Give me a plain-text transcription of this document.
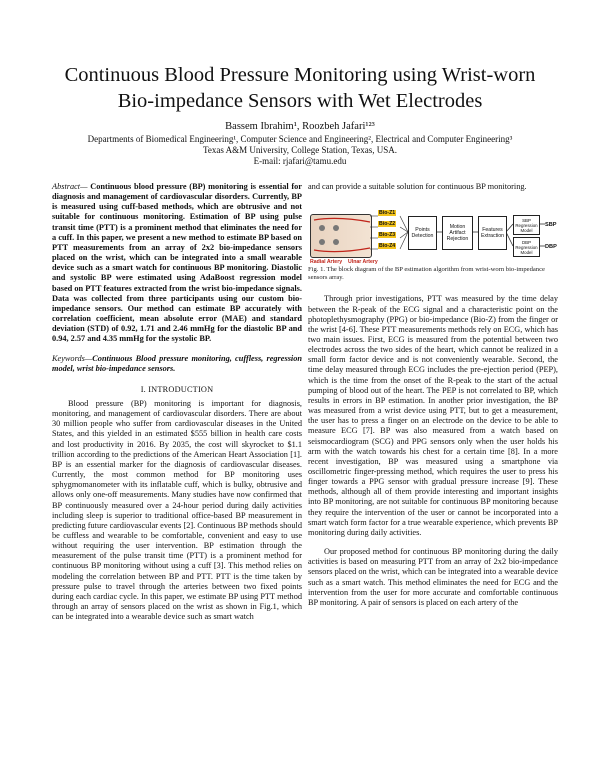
Continuous Blood Pressure Monitoring using Wrist-worn
Bio-impedance Sensors with Wet Electrodes
Bassem Ibrahim¹, Roozbeh Jafari¹²³
Departments of Biomedical Engineering¹, Computer Science and Engineering², Electrical and Computer Engineering³
Texas A&M University, College Station, Texas, USA.
E-mail: rjafari@tamu.edu
Abstract— Continuous blood pressure (BP) monitoring is essential for diagnosis and management of cardiovascular disorders. Currently, BP is measured using cuff-based methods, which are obtrusive and not suitable for continuous monitoring. Estimation of BP using pulse transit time (PTT) is a prominent method that eliminates the need for a cuff. In this paper, we present a new method to estimate BP based on PTT measurements from an array of 2x2 bio-impedance sensors placed on the wrist, which can be integrated into a small wearable device such as a smart watch for continuous BP monitoring. Diastolic and systolic BP were estimated using AdaBoost regression model based on PTT features extracted from the wrist bio-impedance signals. Data was collected from three participants using our custom bio-impedance sensors. Our method can estimate BP accurately with correlation coefficient, mean absolute error (MAE) and standard deviation (STD) of 0.92, 1.71 and 2.46 mmHg for the diastolic BP and 0.94, 2.57 and 4.35 mmHg for the systolic BP.
Keywords—Continuous Blood pressure monitoring, cuffless, regression model, wrist bio-impedance sensors.
I. INTRODUCTION

Blood pressure (BP) monitoring is important for diagnosis, monitoring, and management of cardiovascular disorders. There are about 30 million people who suffer from cardiovascular diseases in the United States, and this yielded in an estimated $555 billion in health care costs and lost productivity in 2016. By 2035, the cost will skyrocket to $1.1 trillion according to the predictions of the American Heart Association [1]. BP is an essential marker for the diagnosis of cardiovascular diseases. Currently, the most common method for BP monitoring uses sphygmomanometer with its inflatable cuff, which is bulky, obtrusive and allows only one-off measurements. Many studies have now confirmed that BP continuously measured over a 24-hour period during daily activities including sleep is superior to traditional office-based BP measurement in predicting future cardiovascular events [2]. Continuous BP methods should be cuffless and wearable to be comfortable, convenient and easy to use without requiring the user intervention. BP estimation through the measurement of the pulse transit time (PTT) is a prominent method for continuous BP monitoring without using a cuff [3]. This method relies on modeling the correlation between BP and PTT. PTT is the time taken by pressure pulse to travel through the arteries between two fixed points during each cardiac cycle. In this paper, we estimate BP using PTT method through an array of sensors placed on the wrist as shown in Fig.1, which can be integrated into a wearable device such as smart watch

and can provide a suitable solution for continuous BP monitoring.

Bio-Z1
Bio-Z2
Bio-Z3
Bio-Z4
Points Detection
Motion Artifact Rejection
Features Extraction
SBP Regression Model
DBP Regression Model
SBP
DBP
Radial Artery Ulnar Artery
Fig. 1. The block diagram of the BP estimation algorithm from wrist-worn bio-impedance sensors array.

Through prior investigations, PTT was measured by the time delay between the R-peak of the ECG signal and a characteristic point on the photoplethysmography (PPG) or bio-impedance (Bio-Z) from the finger or the wrist [4-6]. These PTT measurements methods rely on ECG, which has two main issues. First, ECG is measured from the potential between two electrodes across the two sides of the heart, which cannot be realized in a small form factor device and is not conveniently wearable. Second, the time delay measured through ECG includes the pre-ejection period (PEP), which is the time from the onset of the R-peak to the start of the actual pumping of blood out of the heart. The PEP is not correlated to BP, which results in errors in BP estimation. In another prior investigation, the BP was measured from a wrist device using PTT, but to get a measurement, the user has to press a finger on an electrode on the device to be able to measure ECG [7]. BP was also measured from a watch based on seismocardiogram (SCG) and PPG sensors only when the user holds his arm with the watch towards his chest for a certain time [8]. In a more recent investigation, BP was measured using a smartphone via oscillometric finger-pressing method, which requires the user to press his finger towards a PPG sensor with gradual pressure increase [9]. These methods, although all of them provide interesting and important insights into BP monitoring, are not suitable for continuous BP monitoring because they require the intervention of the user or cannot be incorporated into a smart watch form factor for a true wearable experience, which prevents BP monitoring during daily activities.

Our proposed method for continuous BP monitoring during the daily activities is based on measuring PTT from an array of 2x2 bio-impedance sensors placed on the wrist, which can be integrated into a wearable device such as a smart watch. This method eliminates the need for ECG and the intervention from the user for more accurate and comfortable continuous BP monitoring. A pair of sensors is placed on each artery of the
